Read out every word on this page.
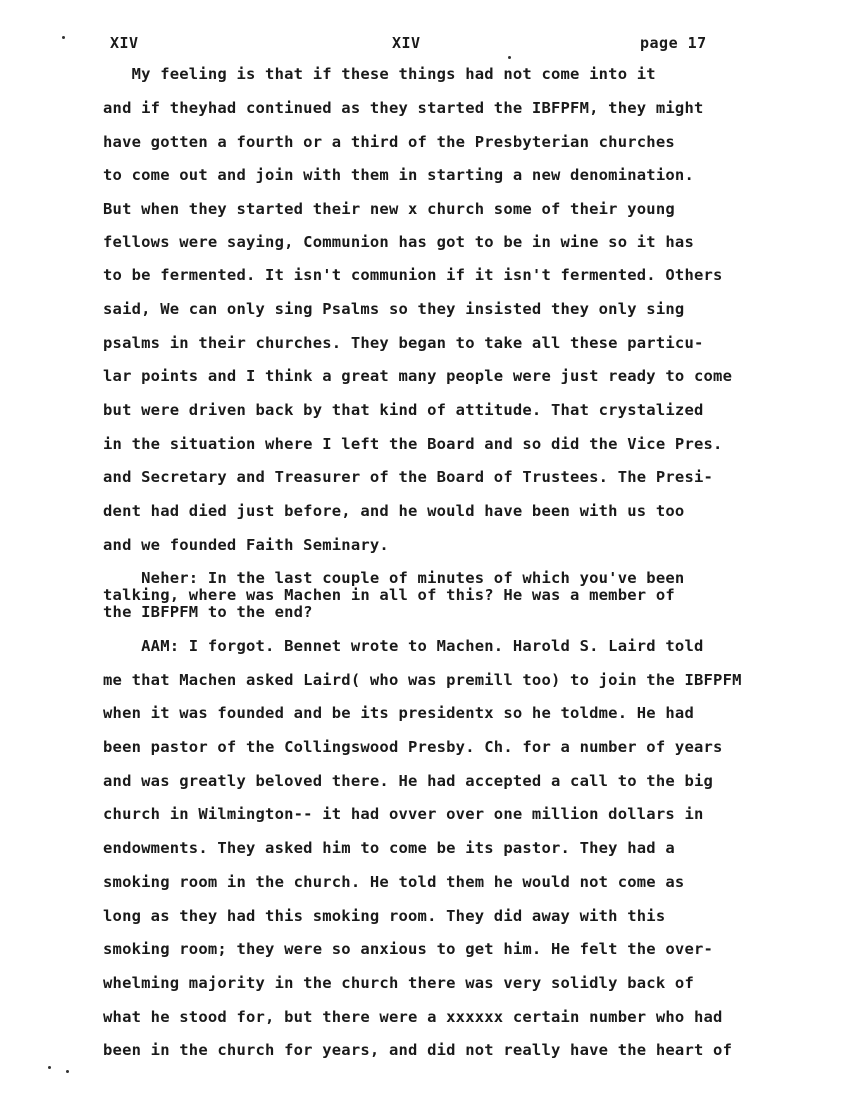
XIV	XIV	page 17
My feeling is that if these things had not come into it
and if theyhad continued as they started the IBFPFM, they might
have gotten a fourth or a third of the Presbyterian churches
to come out and join with them in starting a new denomination.
But when they started their new x church some of their young
fellows were saying, Communion has got to be in wine so it has
to be fermented. It isn't communion if it isn't fermented. Others
said, We can only sing Psalms so they insisted they only sing
psalms in their churches. They began to take all these particu-
lar points and I think a great many people were just ready to come
but were driven back by that kind of attitude. That crystalized
in the situation where I left the Board and so did the Vice Pres.
and Secretary and Treasurer of the Board of Trustees. The Presi-
dent had died just before, and he would have been with us too
and we founded Faith Seminary.
Neher: In the last couple of minutes of which you've been
talking, where was Machen in all of this? He was a member of
the IBFPFM to the end?
AAM: I forgot. Bennet wrote to Machen. Harold S. Laird told
me that Machen asked Laird( who was premill too) to join the IBFPFM
when it was founded and be its presidentx so he toldme. He had
been pastor of the Collingswood Presby. Ch. for a number of years
and was greatly beloved there. He had accepted a call to the big
church in Wilmington-- it had ovver over one million dollars in
endowments. They asked him to come be its pastor. They had a
smoking room in the church. He told them he would not come as
long as they had this smoking room. They did away with this
smoking room; they were so anxious to get him. He felt the over-
whelming majority in the church there was very solidly back of
what he stood for, but there were a xxxxxx certain number who had
been in the church for years, and did not really have the heart of
